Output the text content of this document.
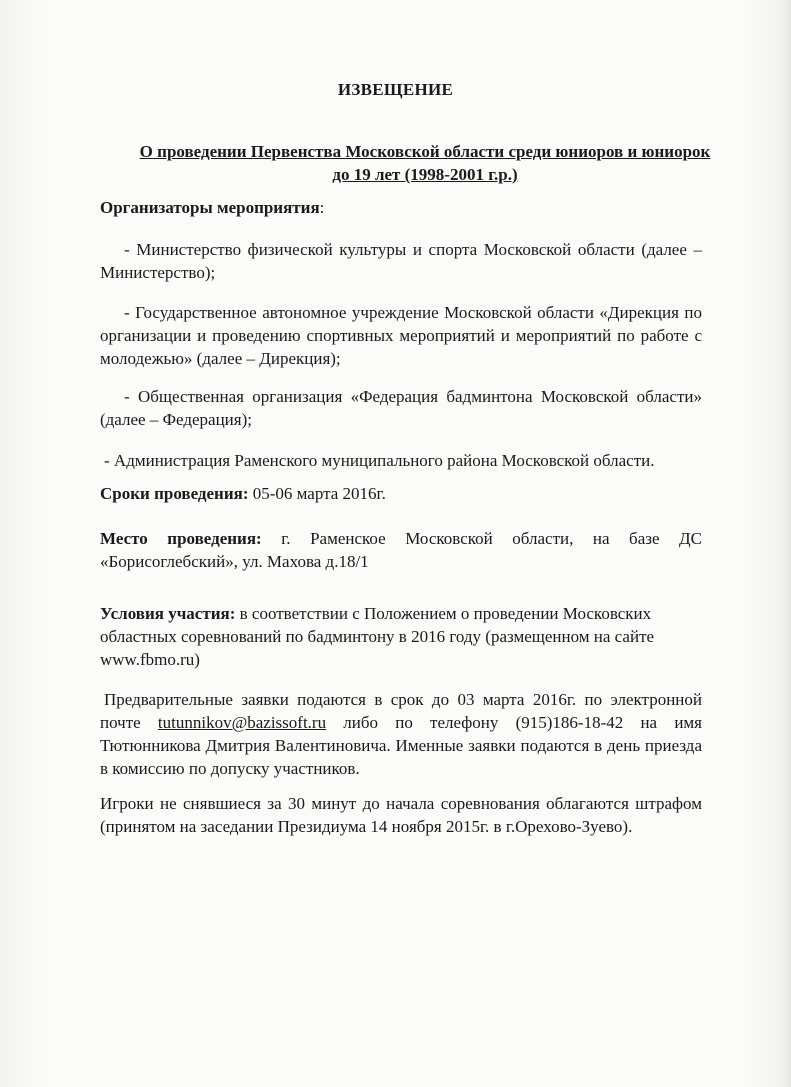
ИЗВЕЩЕНИЕ
О проведении Первенства Московской области среди юниоров и юниорок до 19 лет (1998-2001 г.р.)

Организаторы мероприятия:

- Министерство физической культуры и спорта Московской области (далее – Министерство);

- Государственное автономное учреждение Московской области «Дирекция по организации и проведению спортивных мероприятий и мероприятий по работе с молодежью» (далее – Дирекция);

- Общественная организация «Федерация бадминтона Московской области» (далее – Федерация);

- Администрация Раменского муниципального района Московской области.

Сроки проведения: 05-06 марта 2016г.

Место проведения: г. Раменское Московской области, на базе ДС «Борисоглебский», ул. Махова д.18/1

Условия участия: в соответствии с Положением о проведении Московских областных соревнований по бадминтону в 2016 году (размещенном на сайте www.fbmo.ru)

Предварительные заявки подаются в срок до 03 марта 2016г. по электронной почте tutunnikov@bazissoft.ru либо по телефону (915)186-18-42 на имя Тютюнникова Дмитрия Валентиновича. Именные заявки подаются в день приезда в комиссию по допуску участников.

Игроки не снявшиеся за 30 минут до начала соревнования облагаются штрафом (принятом на заседании Президиума 14 ноября 2015г. в г.Орехово-Зуево).
